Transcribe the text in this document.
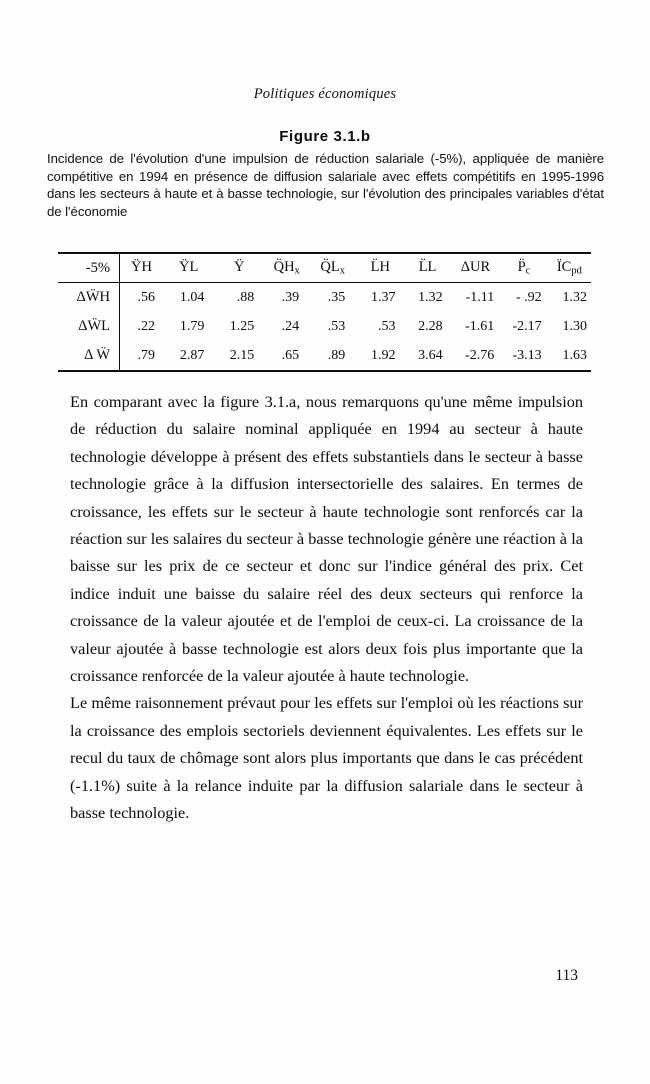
Politiques économiques
Figure 3.1.b
Incidence de l'évolution d'une impulsion de réduction salariale (-5%), appliquée de manière compétitive en 1994 en présence de diffusion salariale avec effets compétitifs en 1995-1996 dans les secteurs à haute et à basse technologie, sur l'évolution des principales variables d'état de l'économie
-5%	ŸH	ŸL	Ÿ	$Q̈H_x$	$Q̈L_x$	L̈H	L̈L	ΔUR	$P̈_c$	$ÏC_{pd}$
ΔẄH	.56	1.04	.88	.39	.35	1.37	1.32	-1.11	- .92	1.32
ΔẄL	.22	1.79	1.25	.24	.53	.53	2.28	-1.61	-2.17	1.30
Δ Ẅ	.79	2.87	2.15	.65	.89	1.92	3.64	-2.76	-3.13	1.63

En comparant avec la figure 3.1.a, nous remarquons qu'une même impulsion de réduction du salaire nominal appliquée en 1994 au secteur à haute technologie développe à présent des effets substantiels dans le secteur à basse technologie grâce à la diffusion intersectorielle des salaires. En termes de croissance, les effets sur le secteur à haute technologie sont renforcés car la réaction sur les salaires du secteur à basse technologie génère une réaction à la baisse sur les prix de ce secteur et donc sur l'indice général des prix. Cet indice induit une baisse du salaire réel des deux secteurs qui renforce la croissance de la valeur ajoutée et de l'emploi de ceux-ci. La croissance de la valeur ajoutée à basse technologie est alors deux fois plus importante que la croissance renforcée de la valeur ajoutée à haute technologie.

Le même raisonnement prévaut pour les effets sur l'emploi où les réactions sur la croissance des emplois sectoriels deviennent équivalentes. Les effets sur le recul du taux de chômage sont alors plus importants que dans le cas précédent (-1.1%) suite à la relance induite par la diffusion salariale dans le secteur à basse technologie.

113
